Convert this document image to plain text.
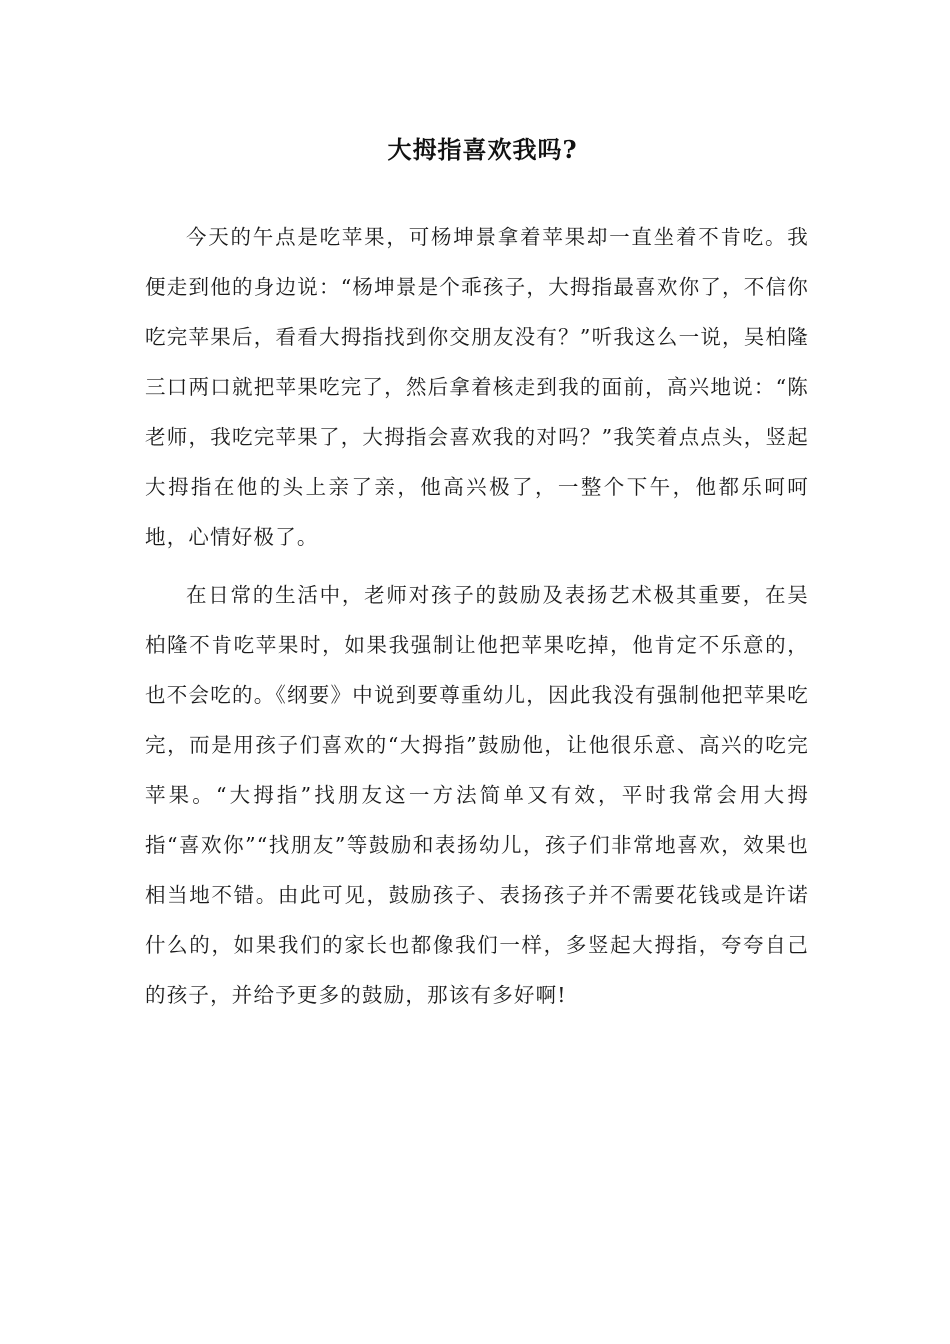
大拇指喜欢我吗?

今天的午点是吃苹果，可杨坤景拿着苹果却一直坐着不肯吃。我便走到他的身边说：“杨坤景是个乖孩子，大拇指最喜欢你了，不信你吃完苹果后，看看大拇指找到你交朋友没有？”听我这么一说，吴柏隆三口两口就把苹果吃完了，然后拿着核走到我的面前，高兴地说：“陈老师，我吃完苹果了，大拇指会喜欢我的对吗？”我笑着点点头，竖起大拇指在他的头上亲了亲，他高兴极了，一整个下午，他都乐呵呵地，心情好极了。

在日常的生活中，老师对孩子的鼓励及表扬艺术极其重要，在吴柏隆不肯吃苹果时，如果我强制让他把苹果吃掉，他肯定不乐意的，也不会吃的。《纲要》中说到要尊重幼儿，因此我没有强制他把苹果吃完，而是用孩子们喜欢的“大拇指”鼓励他，让他很乐意、高兴的吃完苹果。“大拇指”找朋友这一方法简单又有效，平时我常会用大拇指“喜欢你”“找朋友”等鼓励和表扬幼儿，孩子们非常地喜欢，效果也相当地不错。由此可见，鼓励孩子、表扬孩子并不需要花钱或是许诺什么的，如果我们的家长也都像我们一样，多竖起大拇指，夸夸自己的孩子，并给予更多的鼓励，那该有多好啊!
